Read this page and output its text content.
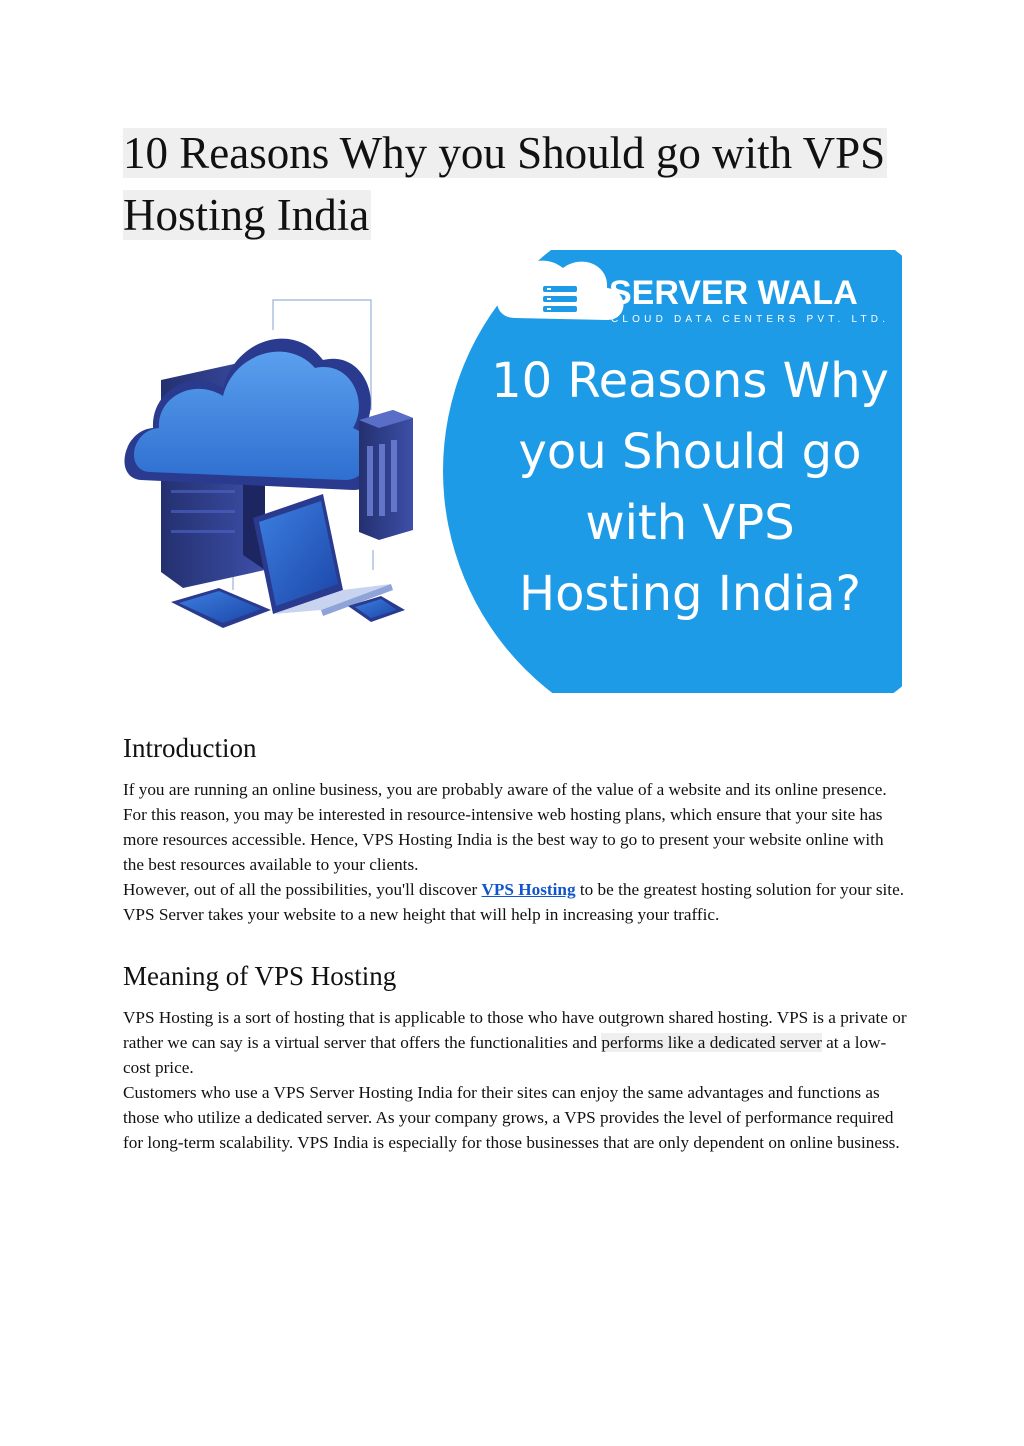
10 Reasons Why you Should go with VPS Hosting India
SERVER WALA
CLOUD DATA CENTERS PVT. LTD.
10 Reasons Why
you Should go
with VPS
Hosting India?
Introduction

If you are running an online business, you are probably aware of the value of a website and its online presence. For this reason, you may be interested in resource-intensive web hosting plans, which ensure that your site has more resources accessible. Hence, VPS Hosting India is the best way to go to present your website online with the best resources available to your clients.

However, out of all the possibilities, you'll discover VPS Hosting to be the greatest hosting solution for your site. VPS Server takes your website to a new height that will help in increasing your traffic.

Meaning of VPS Hosting

VPS Hosting is a sort of hosting that is applicable to those who have outgrown shared hosting. VPS is a private or rather we can say is a virtual server that offers the functionalities and performs like a dedicated server at a low-cost price.

Customers who use a VPS Server Hosting India for their sites can enjoy the same advantages and functions as those who utilize a dedicated server. As your company grows, a VPS provides the level of performance required for long-term scalability. VPS India is especially for those businesses that are only dependent on online business.
